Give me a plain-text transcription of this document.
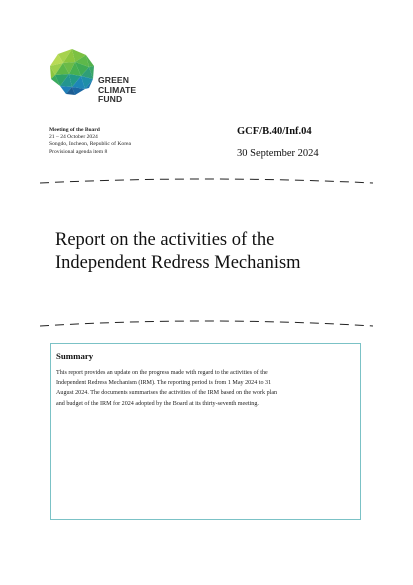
GREEN
CLIMATE
FUND
Meeting of the Board
21 – 24 October 2024
Songdo, Incheon, Republic of Korea
Provisional agenda item 8
GCF/B.40/Inf.04
30 September 2024
Report on the activities of the
Independent Redress Mechanism
Summary
This report provides an update on the progress made with regard to the activities of the
Independent Redress Mechanism (IRM). The reporting period is from 1 May 2024 to 31
August 2024. The documents summarises the activities of the IRM based on the work plan
and budget of the IRM for 2024 adopted by the Board at its thirty-seventh meeting.
